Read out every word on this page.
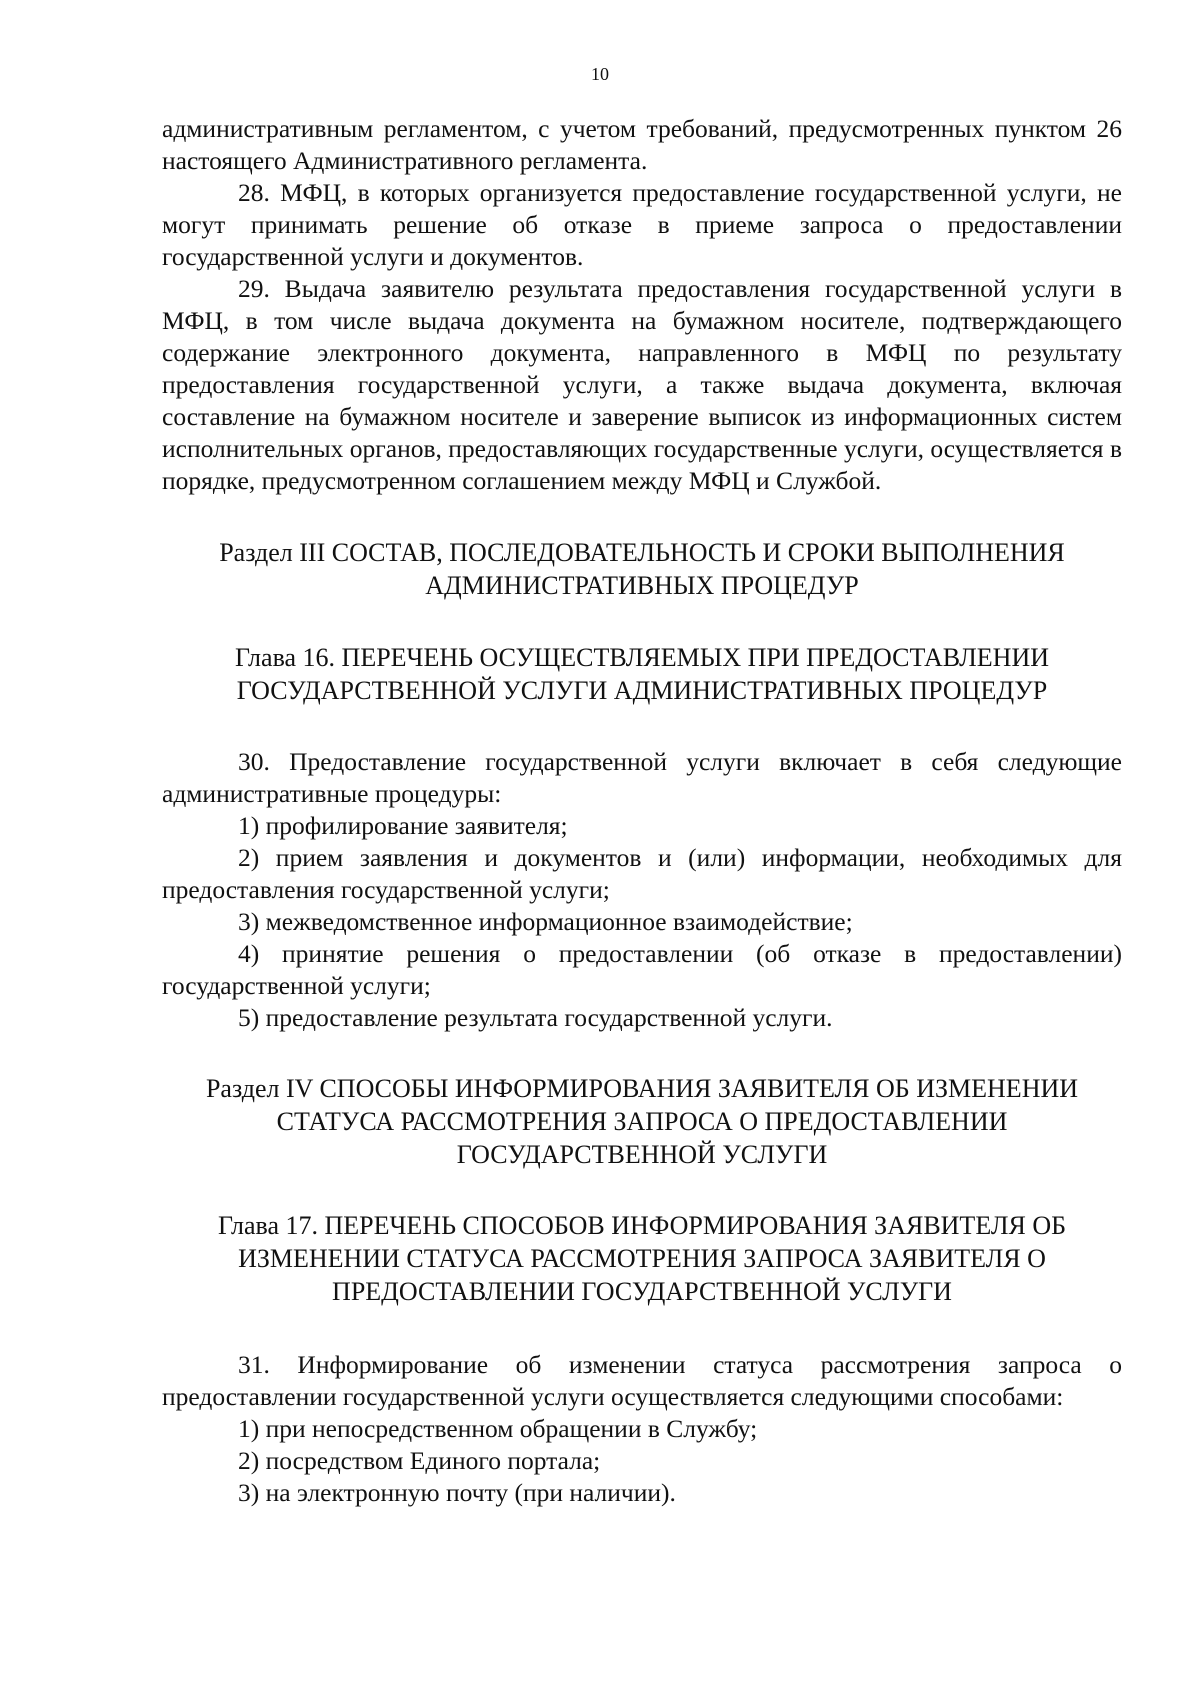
10

административным регламентом, с учетом требований, предусмотренных пунктом 26 настоящего Административного регламента.

28. МФЦ, в которых организуется предоставление государственной услуги, не могут принимать решение об отказе в приеме запроса о предоставлении государственной услуги и документов.

29. Выдача заявителю результата предоставления государственной услуги в МФЦ, в том числе выдача документа на бумажном носителе, подтверждающего содержание электронного документа, направленного в МФЦ по результату предоставления государственной услуги, а также выдача документа, включая составление на бумажном носителе и заверение выписок из информационных систем исполнительных органов, предоставляющих государственные услуги, осуществляется в порядке, предусмотренном соглашением между МФЦ и Службой.

Раздел III СОСТАВ, ПОСЛЕДОВАТЕЛЬНОСТЬ И СРОКИ ВЫПОЛНЕНИЯ
АДМИНИСТРАТИВНЫХ ПРОЦЕДУР

Глава 16. ПЕРЕЧЕНЬ ОСУЩЕСТВЛЯЕМЫХ ПРИ ПРЕДОСТАВЛЕНИИ
ГОСУДАРСТВЕННОЙ УСЛУГИ АДМИНИСТРАТИВНЫХ ПРОЦЕДУР

30. Предоставление государственной услуги включает в себя следующие административные процедуры:

1) профилирование заявителя;

2) прием заявления и документов и (или) информации, необходимых для предоставления государственной услуги;

3) межведомственное информационное взаимодействие;

4) принятие решения о предоставлении (об отказе в предоставлении) государственной услуги;

5) предоставление результата государственной услуги.

Раздел IV СПОСОБЫ ИНФОРМИРОВАНИЯ ЗАЯВИТЕЛЯ ОБ ИЗМЕНЕНИИ
СТАТУСА РАССМОТРЕНИЯ ЗАПРОСА О ПРЕДОСТАВЛЕНИИ
ГОСУДАРСТВЕННОЙ УСЛУГИ

Глава 17. ПЕРЕЧЕНЬ СПОСОБОВ ИНФОРМИРОВАНИЯ ЗАЯВИТЕЛЯ ОБ
ИЗМЕНЕНИИ СТАТУСА РАССМОТРЕНИЯ ЗАПРОСА ЗАЯВИТЕЛЯ О
ПРЕДОСТАВЛЕНИИ ГОСУДАРСТВЕННОЙ УСЛУГИ

31. Информирование об изменении статуса рассмотрения запроса о предоставлении государственной услуги осуществляется следующими способами:

1) при непосредственном обращении в Службу;

2) посредством Единого портала;

3) на электронную почту (при наличии).
